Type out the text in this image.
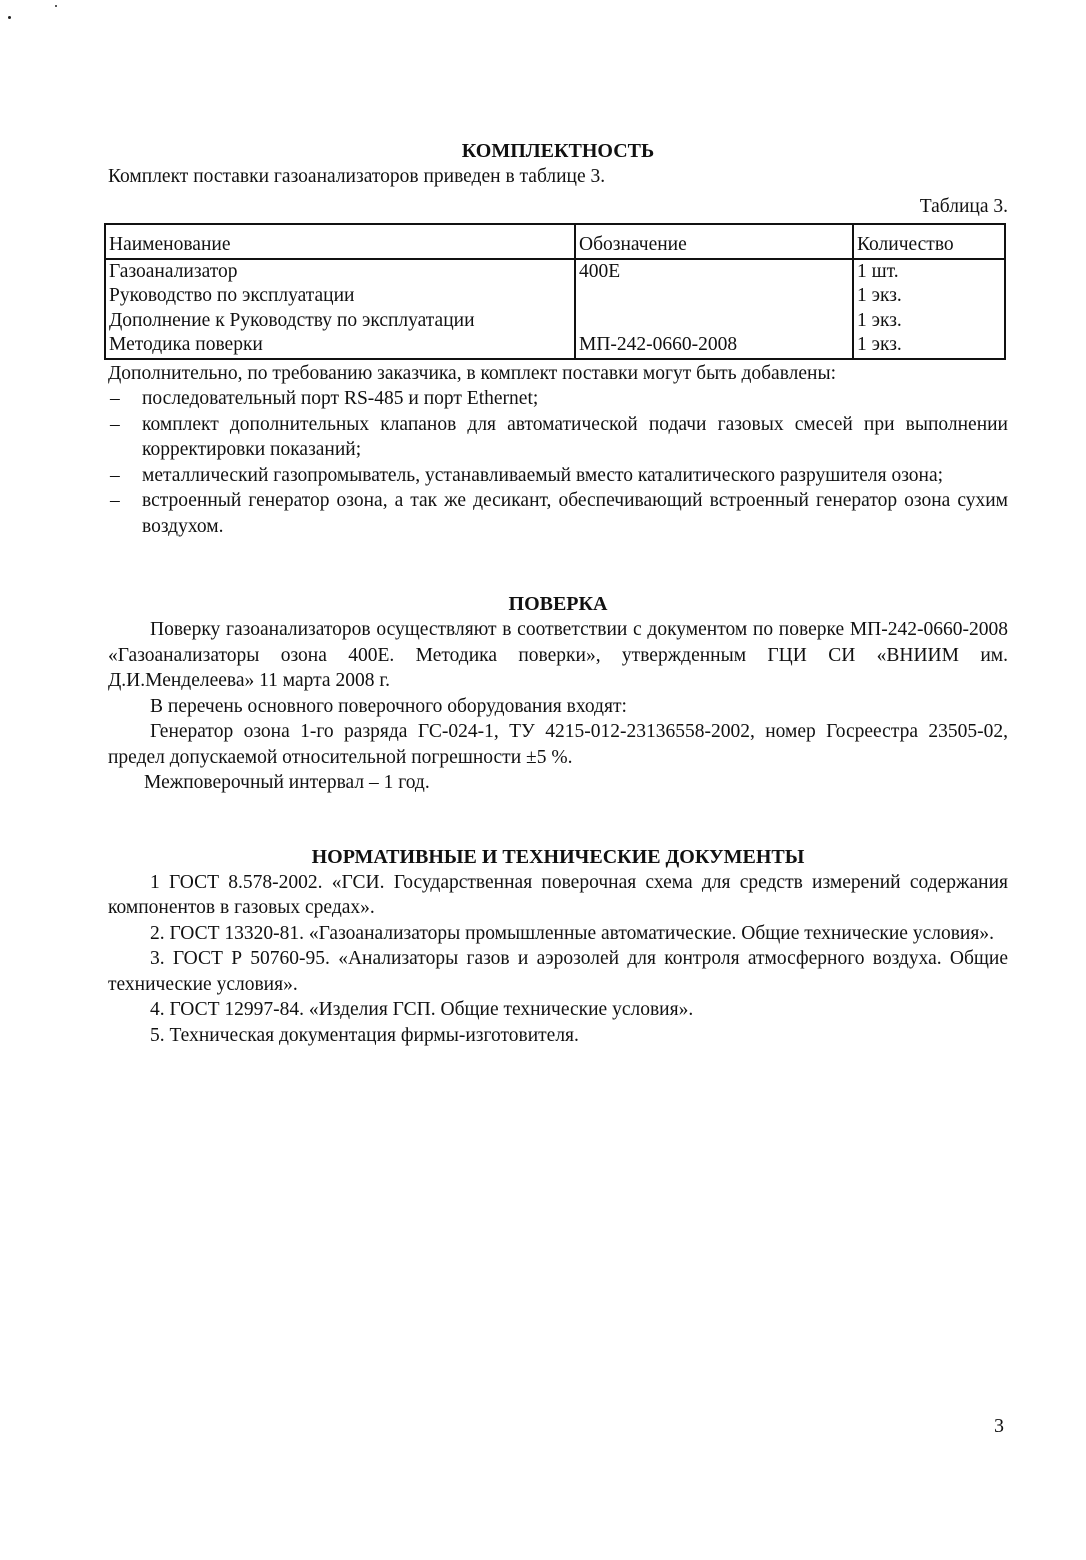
КОМПЛЕКТНОСТЬ

Комплект поставки газоанализаторов приведен в таблице 3.

Таблица 3.

Наименование	Обозначение	Количество
Газоанализатор	400Е	1 шт.
Руководство по эксплуатации		1 экз.
Дополнение к Руководству по эксплуатации		1 экз.
Методика поверки	МП-242-0660-2008	1 экз.

Дополнительно, по требованию заказчика, в комплект поставки могут быть добавлены:

– последовательный порт RS-485 и порт Ethernet;
– комплект дополнительных клапанов для автоматической подачи газовых смесей при выполнении корректировки показаний;
– металлический газопромыватель, устанавливаемый вместо каталитического разрушителя озона;
– встроенный генератор озона, а так же десикант, обеспечивающий встроенный генератор озона сухим воздухом.
ПОВЕРКА

Поверку газоанализаторов осуществляют в соответствии с документом по поверке МП-242-0660-2008 «Газоанализаторы озона 400Е. Методика поверки», утвержденным ГЦИ СИ «ВНИИМ им. Д.И.Менделеева» 11 марта 2008 г.

В перечень основного поверочного оборудования входят:

Генератор озона 1-го разряда ГС-024-1, ТУ 4215-012-23136558-2002, номер Госреестра 23505-02, предел допускаемой относительной погрешности ±5 %.

Межповерочный интервал – 1 год.

НОРМАТИВНЫЕ И ТЕХНИЧЕСКИЕ ДОКУМЕНТЫ

1 ГОСТ 8.578-2002. «ГСИ. Государственная поверочная схема для средств измерений содержания компонентов в газовых средах».

2. ГОСТ 13320-81. «Газоанализаторы промышленные автоматические. Общие технические условия».

3. ГОСТ Р 50760-95. «Анализаторы газов и аэрозолей для контроля атмосферного воздуха. Общие технические условия».

4. ГОСТ 12997-84. «Изделия ГСП. Общие технические условия».

5. Техническая документация фирмы-изготовителя.

3
